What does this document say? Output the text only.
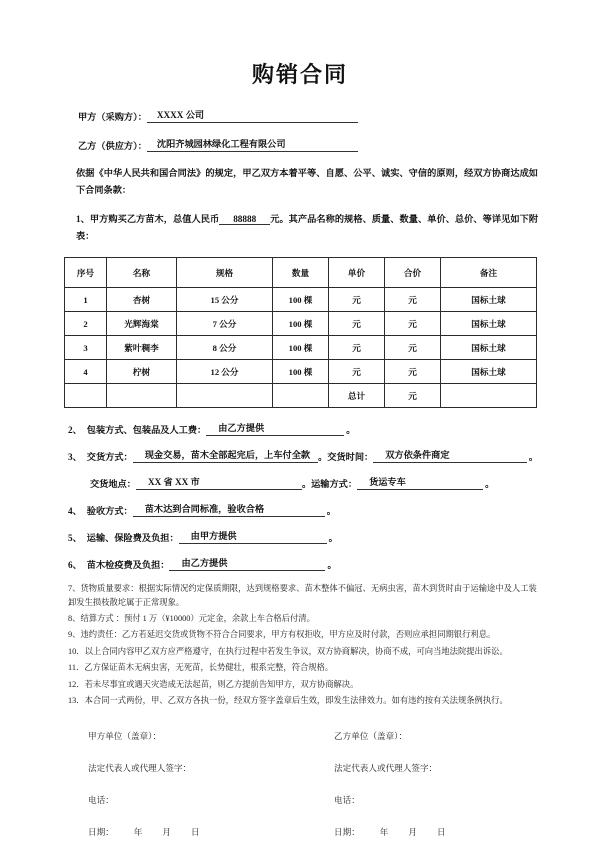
购销合同
甲方（采购方）：	XXXX 公司
乙方（供应方）：	沈阳齐城园林绿化工程有限公司
依据《中华人民共和国合同法》的规定，甲乙双方本着平等、自愿、公平、诚实、守信的原则，经双方协商达成如下合同条款：
1、甲方购买乙方苗木，总值人民币 88888 元。其产品名称的规格、质量、数量、单价、总价、等详见如下附表：
序号	名称	规格	数量	单价	合价	备注
1	杏树	15 公分	100 棵	元	元	国标土球
2	光辉海棠	7 公分	100 棵	元	元	国标土球
3	紫叶稠李	8 公分	100 棵	元	元	国标土球
4	柠树	12 公分	100 棵	元	元	国标土球
				总计	元	
2、 包装方式、包装品及人工费：	由乙方提供	。
3、 交货方式：	现金交易，苗木全部起完后，上车付全款 。交货时间：	双方依条件商定	。
交货地点：	XX 省 XX 市	。运输方式：	货运专车	。
4、 验收方式：	苗木达到合同标准，验收合格	。
5、 运输、保险费及负担：	由甲方提供	。
6、 苗木检疫费及负担：	由乙方提供	。
7、货物质量要求：根据实际情况约定保质期限，达到规格要求、苗木整体不偏冠、无病虫害，苗木到货时由于运输途中及人工装卸发生损枝散坨属于正常现象。
8、结算方式 ：预付 1 万（¥10000）元定金，余款上车合格后付清。
9、违约责任：乙方若延迟交货或货物不符合合同要求，甲方有权拒收，甲方应及时付款，否则应承担同期银行利息。
10．以上合同内容甲乙双方应严格遵守，在执行过程中若发生争议，双方协商解决，协商不成，可向当地法院提出诉讼。
11．乙方保证苗木无病虫害，无死苗，长势健壮，根系完整，符合规格。
12．若未尽事宜或遇天灾造成无法起苗，则乙方提前告知甲方，双方协商解决。
13．本合同一式两份，甲、乙双方各执一份，经双方签字盖章后生效，即发生法律效力。如有违约按有关法规条例执行。
甲方单位（盖章）：	乙方单位（盖章）：
法定代表人或代理人签字：	法定代表人或代理人签字：
电话：	电话：
日期： 年 月 日	日期： 年 月 日
